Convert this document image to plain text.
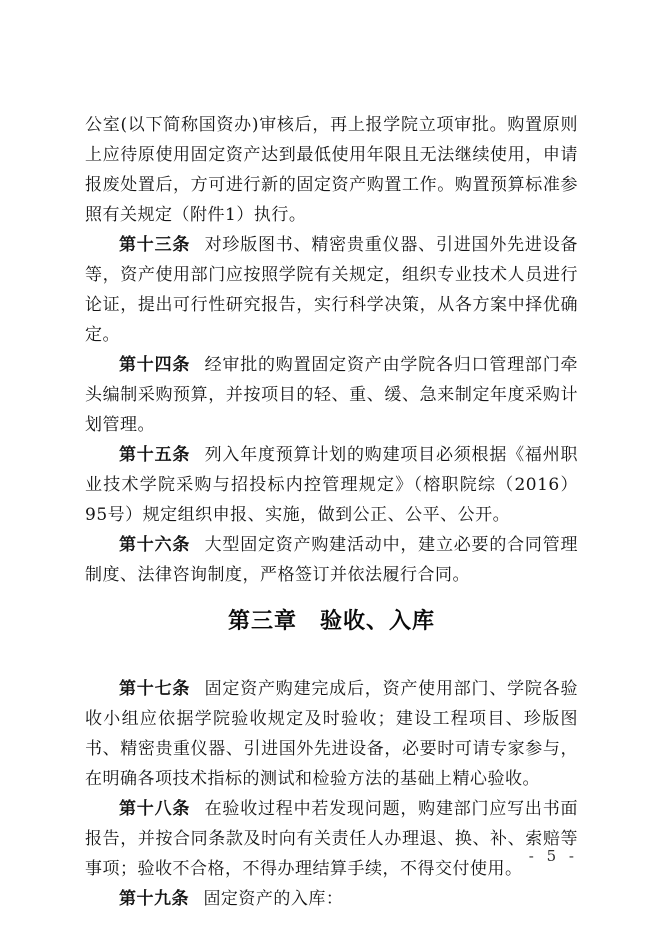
公室(以下简称国资办)审核后，再上报学院立项审批。购置原则上应待原使用固定资产达到最低使用年限且无法继续使用，申请报废处置后，方可进行新的固定资产购置工作。购置预算标准参照有关规定（附件1）执行。

第十三条 对珍版图书、精密贵重仪器、引进国外先进设备等，资产使用部门应按照学院有关规定，组织专业技术人员进行论证，提出可行性研究报告，实行科学决策，从各方案中择优确定。

第十四条 经审批的购置固定资产由学院各归口管理部门牵头编制采购预算，并按项目的轻、重、缓、急来制定年度采购计划管理。

第十五条 列入年度预算计划的购建项目必须根据《福州职业技术学院采购与招投标内控管理规定》（榕职院综（2016）95号）规定组织申报、实施，做到公正、公平、公开。

第十六条 大型固定资产购建活动中，建立必要的合同管理制度、法律咨询制度，严格签订并依法履行合同。

第三章　验收、入库

第十七条 固定资产购建完成后，资产使用部门、学院各验收小组应依据学院验收规定及时验收；建设工程项目、珍版图书、精密贵重仪器、引进国外先进设备，必要时可请专家参与，在明确各项技术指标的测试和检验方法的基础上精心验收。

第十八条 在验收过程中若发现问题，购建部门应写出书面报告，并按合同条款及时向有关责任人办理退、换、补、索赔等事项；验收不合格，不得办理结算手续，不得交付使用。

第十九条 固定资产的入库：

- 5 -
